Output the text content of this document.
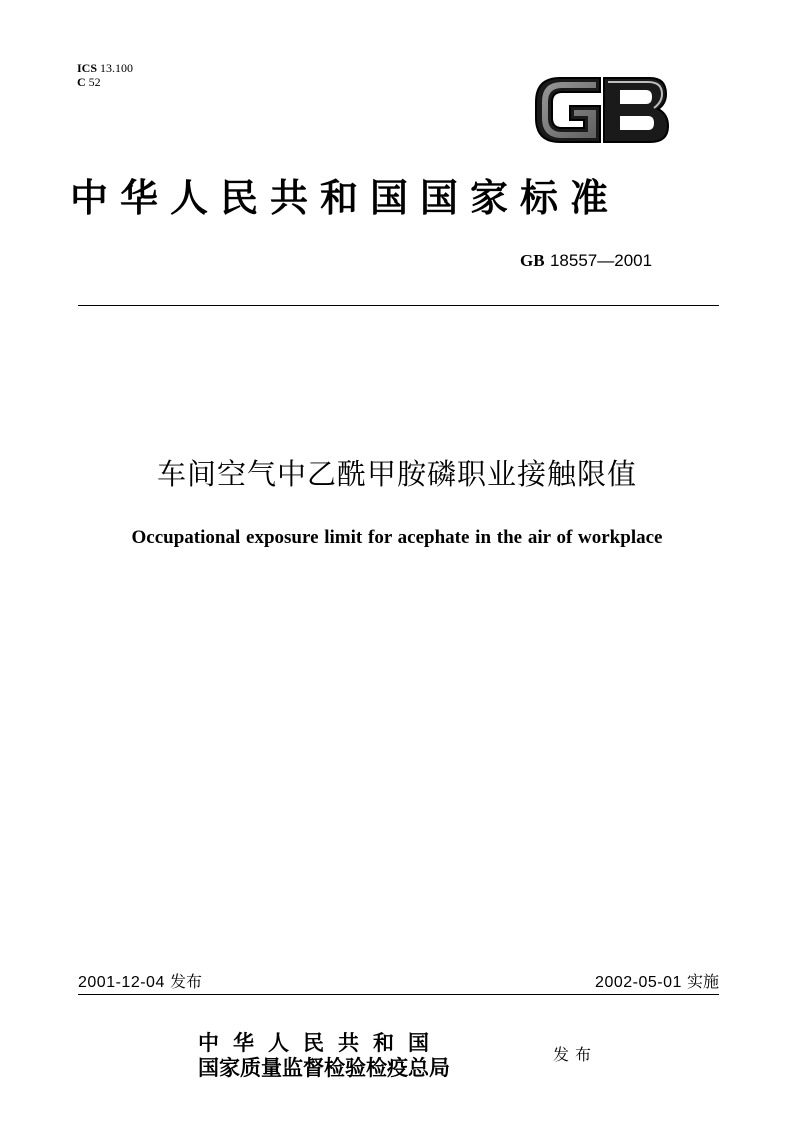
ICS 13.100
C 52
中华人民共和国国家标准
GB 18557—2001
车间空气中乙酰甲胺磷职业接触限值
Occupational exposure limit for acephate in the air of workplace
2001-12-04 发布	2002-05-01 实施
中华人民共和国
国家质量监督检验检疫总局
发布
